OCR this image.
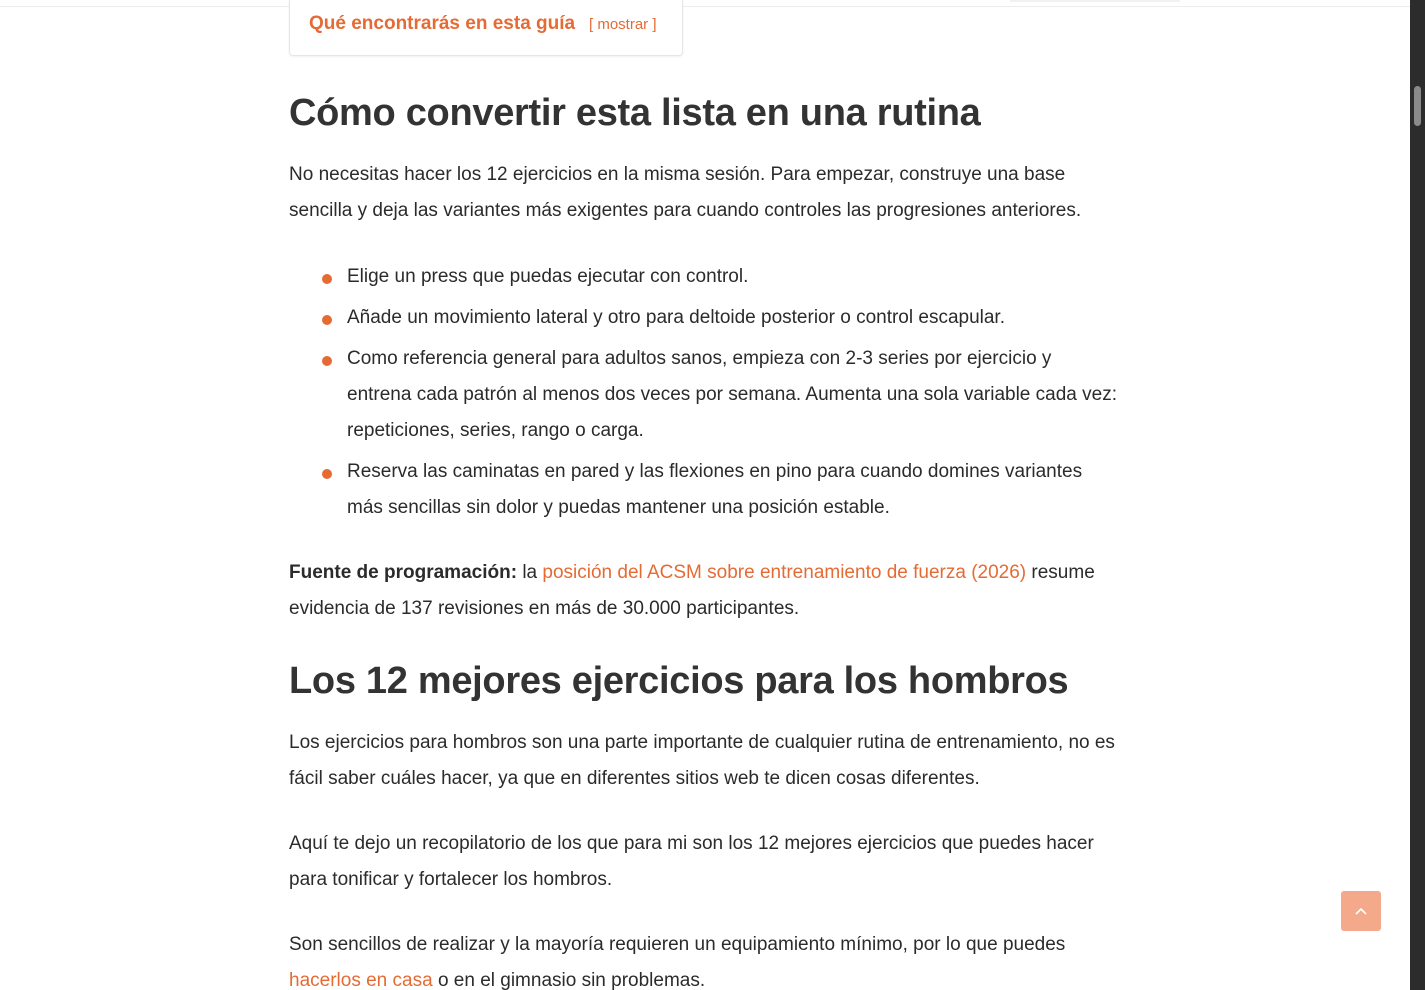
Qué encontrarás en esta guía [ mostrar ]
Cómo convertir esta lista en una rutina

No necesitas hacer los 12 ejercicios en la misma sesión. Para empezar, construye una base sencilla y deja las variantes más exigentes para cuando controles las progresiones anteriores.

Elige un press que puedas ejecutar con control.
Añade un movimiento lateral y otro para deltoide posterior o control escapular.
Como referencia general para adultos sanos, empieza con 2-3 series por ejercicio y entrena cada patrón al menos dos veces por semana. Aumenta una sola variable cada vez: repeticiones, series, rango o carga.
Reserva las caminatas en pared y las flexiones en pino para cuando domines variantes más sencillas sin dolor y puedas mantener una posición estable.

Fuente de programación: la posición del ACSM sobre entrenamiento de fuerza (2026) resume evidencia de 137 revisiones en más de 30.000 participantes.

Los 12 mejores ejercicios para los hombros

Los ejercicios para hombros son una parte importante de cualquier rutina de entrenamiento, no es fácil saber cuáles hacer, ya que en diferentes sitios web te dicen cosas diferentes.

Aquí te dejo un recopilatorio de los que para mi son los 12 mejores ejercicios que puedes hacer para tonificar y fortalecer los hombros.

Son sencillos de realizar y la mayoría requieren un equipamiento mínimo, por lo que puedes hacerlos en casa o en el gimnasio sin problemas.
